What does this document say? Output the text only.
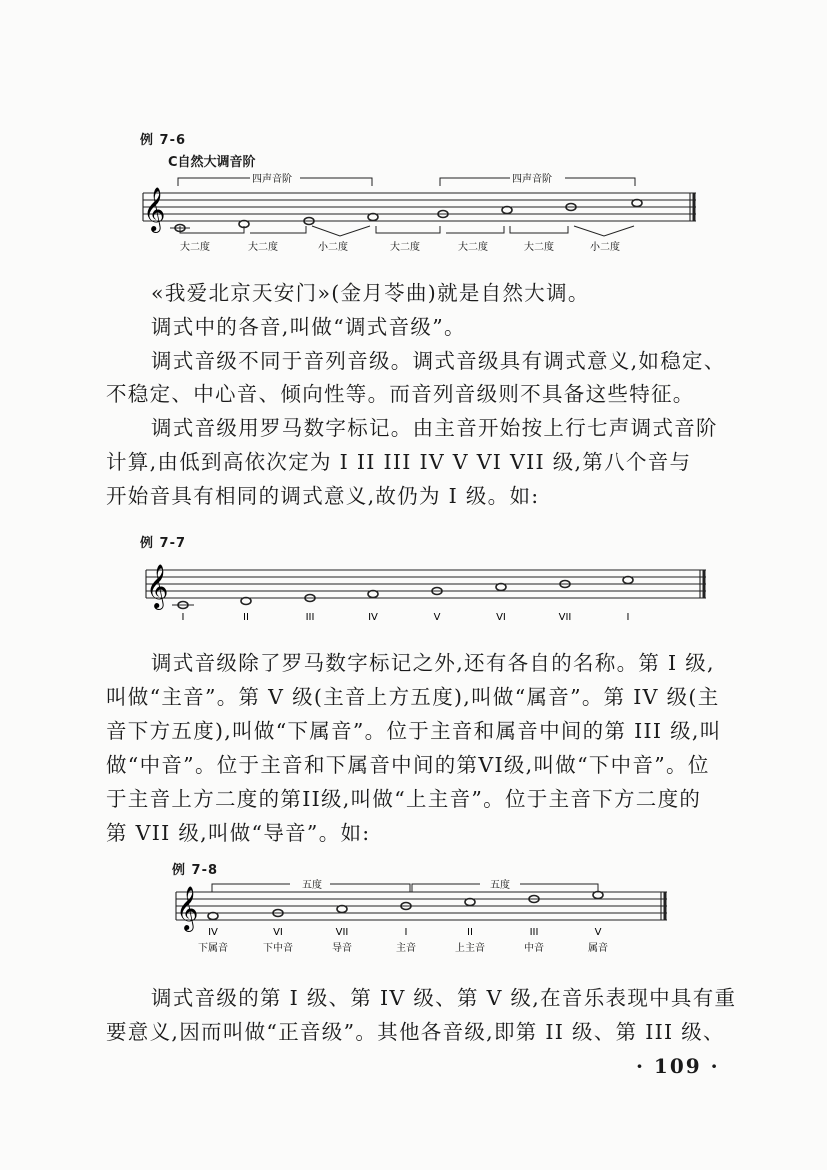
例 7-6
C自然大调音阶
四声音阶	四声音阶
𝄞
大二度	大二度	小二度	大二度	大二度	大二度	小二度
«我爱北京天安门»(金月苓曲)就是自然大调。
调式中的各音,叫做“调式音级”。
调式音级不同于音列音级。调式音级具有调式意义,如稳定、
不稳定、中心音、倾向性等。而音列音级则不具备这些特征。
调式音级用罗马数字标记。由主音开始按上行七声调式音阶
计算,由低到高依次定为 I II III IV V VI VII 级,第八个音与
开始音具有相同的调式意义,故仍为 I 级。如:
例 7-7
𝄞
I	II	III	IV	V	VI	VII	I
调式音级除了罗马数字标记之外,还有各自的名称。第 I 级,
叫做“主音”。第 V 级(主音上方五度),叫做“属音”。第 IV 级(主
音下方五度),叫做“下属音”。位于主音和属音中间的第 III 级,叫
做“中音”。位于主音和下属音中间的第VI级,叫做“下中音”。位
于主音上方二度的第II级,叫做“上主音”。位于主音下方二度的
第 VII 级,叫做“导音”。如:
例 7-8
五度	五度
𝄞
IV	VI	VII	I	II	III	V
下属音	下中音	导音	主音	上主音	中音	属音
调式音级的第 I 级、第 IV 级、第 V 级,在音乐表现中具有重
要意义,因而叫做“正音级”。其他各音级,即第 II 级、第 III 级、
· 109 ·
